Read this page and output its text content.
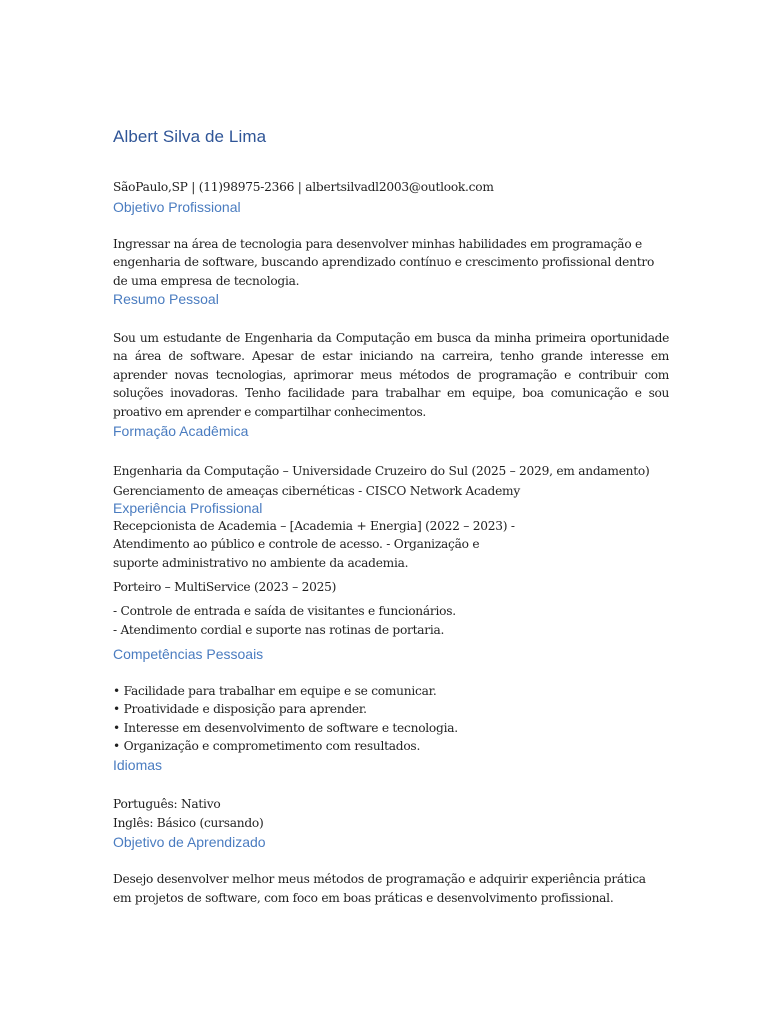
Albert Silva de Lima
SãoPaulo,SP | (11)98975-2366 | albertsilvadl2003@outlook.com
Objetivo Profissional
Ingressar na área de tecnologia para desenvolver minhas habilidades em programação e
engenharia de software, buscando aprendizado contínuo e crescimento profissional dentro
de uma empresa de tecnologia.
Resumo Pessoal
Sou um estudante de Engenharia da Computação em busca da minha primeira oportunidade
na área de software. Apesar de estar iniciando na carreira, tenho grande interesse em
aprender novas tecnologias, aprimorar meus métodos de programação e contribuir com
soluções inovadoras. Tenho facilidade para trabalhar em equipe, boa comunicação e sou
proativo em aprender e compartilhar conhecimentos.
Formação Acadêmica
Engenharia da Computação – Universidade Cruzeiro do Sul (2025 – 2029, em andamento)
Gerenciamento de ameaças cibernéticas - CISCO Network Academy
Experiência Profissional
Recepcionista de Academia – [Academia + Energia] (2022 – 2023) -
Atendimento ao público e controle de acesso. - Organização e
suporte administrativo no ambiente da academia.
Porteiro – MultiService (2023 – 2025)
- Controle de entrada e saída de visitantes e funcionários.
- Atendimento cordial e suporte nas rotinas de portaria.
Competências Pessoais
• Facilidade para trabalhar em equipe e se comunicar.
• Proatividade e disposição para aprender.
• Interesse em desenvolvimento de software e tecnologia.
• Organização e comprometimento com resultados.
Idiomas
Português: Nativo
Inglês: Básico (cursando)
Objetivo de Aprendizado
Desejo desenvolver melhor meus métodos de programação e adquirir experiência prática
em projetos de software, com foco em boas práticas e desenvolvimento profissional.
